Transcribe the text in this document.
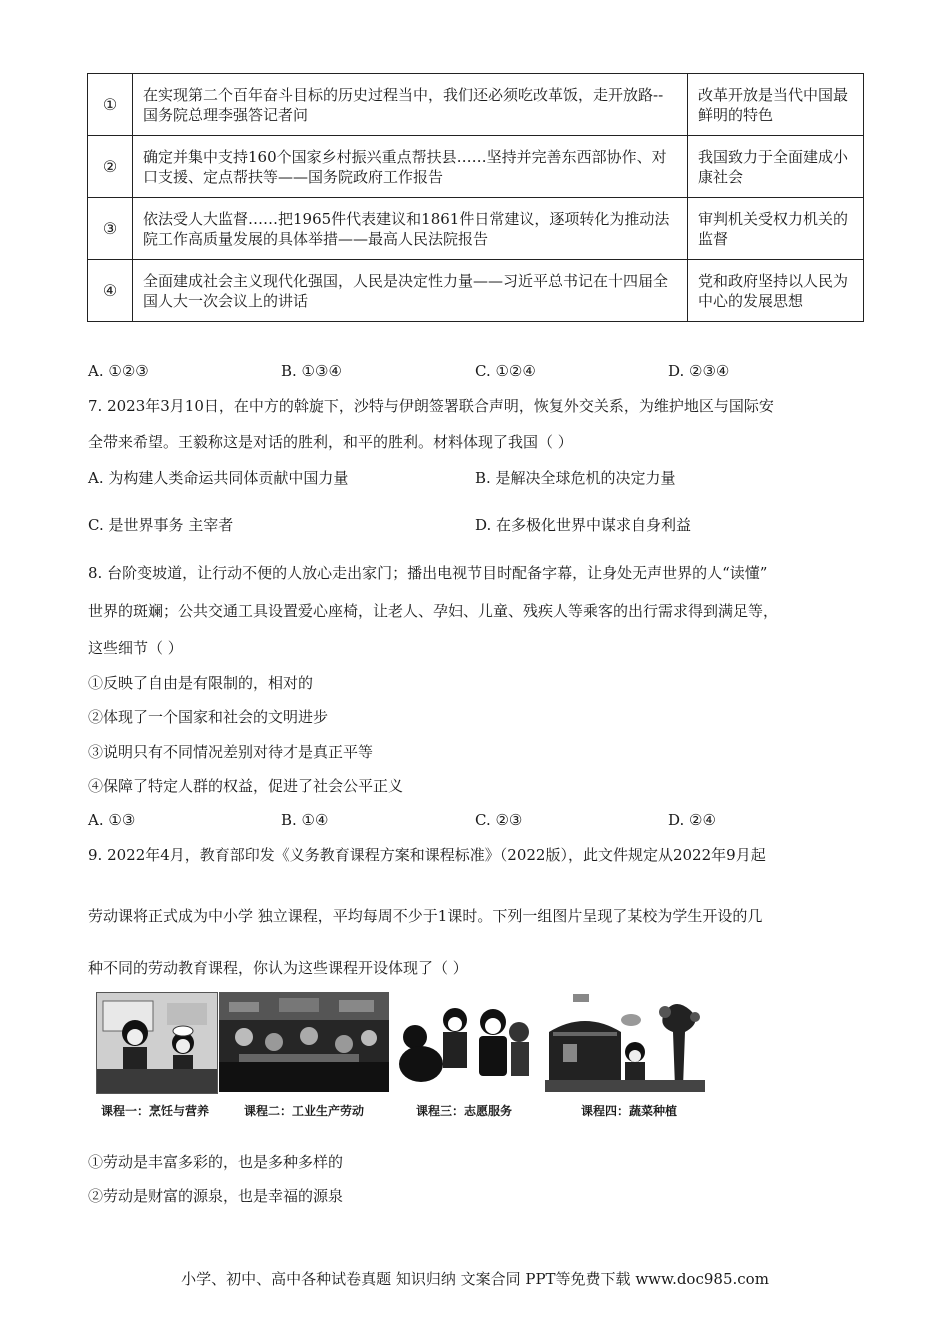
①	在实现第二个百年奋斗目标的历史过程当中，我们还必须吃改革饭，走开放路--国务院总理李强答记者问	改革开放是当代中国最鲜明的特色
②	确定并集中支持160个国家乡村振兴重点帮扶县……坚持并完善东西部协作、对口支援、定点帮扶等——国务院政府工作报告	我国致力于全面建成小康社会
③	依法受人大监督……把1965件代表建议和1861件日常建议，逐项转化为推动法院工作高质量发展的具体举措——最高人民法院报告	审判机关受权力机关的监督
④	全面建成社会主义现代化强国，人民是决定性力量——习近平总书记在十四届全国人大一次会议上的讲话	党和政府坚持以人民为中心的发展思想
A. ①②③	B. ①③④	C. ①②④	D. ②③④
7. 2023年3月10日，在中方的斡旋下，沙特与伊朗签署联合声明，恢复外交关系，为维护地区与国际安
全带来希望。王毅称这是对话的胜利，和平的胜利。材料体现了我国（ ）
A. 为构建人类命运共同体贡献中国力量	B. 是解决全球危机的决定力量
C. 是世界事务 主宰者	D. 在多极化世界中谋求自身利益
8. 台阶变坡道，让行动不便的人放心走出家门；播出电视节目时配备字幕，让身处无声世界的人“读懂”
世界的斑斓；公共交通工具设置爱心座椅，让老人、孕妇、儿童、残疾人等乘客的出行需求得到满足等，
这些细节（ ）
①反映了自由是有限制的，相对的
②体现了一个国家和社会的文明进步
③说明只有不同情况差别对待才是真正平等
④保障了特定人群的权益，促进了社会公平正义
A. ①③	B. ①④	C. ②③	D. ②④
9. 2022年4月，教育部印发《义务教育课程方案和课程标准》（2022版），此文件规定从2022年9月起
劳动课将正式成为中小学 独立课程，平均每周不少于1课时。下列一组图片呈现了某校为学生开设的几
种不同的劳动教育课程，你认为这些课程开设体现了（ ）
课程一：烹饪与营养	课程二：工业生产劳动	课程三：志愿服务	课程四：蔬菜种植
①劳动是丰富多彩的，也是多种多样的
②劳动是财富的源泉，也是幸福的源泉
小学、初中、高中各种试卷真题 知识归纳 文案合同 PPT等免费下载 www.doc985.com
